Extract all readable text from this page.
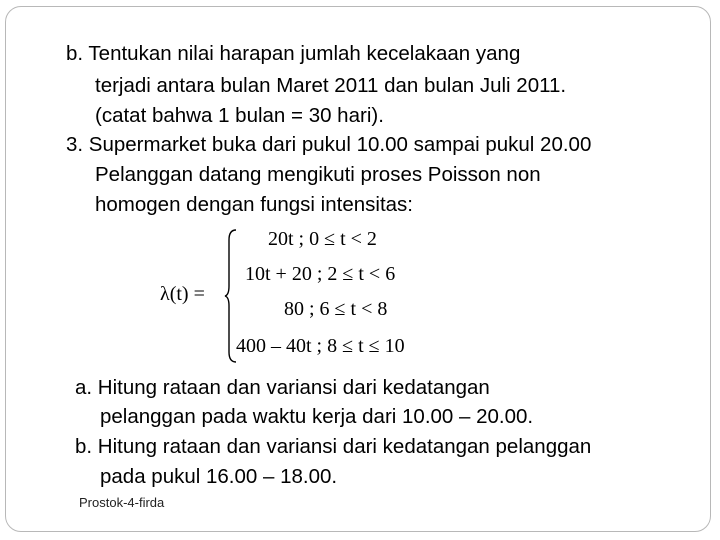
b. Tentukan nilai harapan jumlah kecelakaan yang
terjadi antara bulan Maret 2011 dan bulan Juli 2011.
(catat bahwa 1 bulan = 30 hari).
3. Supermarket buka dari pukul 10.00 sampai pukul 20.00
Pelanggan datang mengikuti proses Poisson non
homogen dengan fungsi intensitas:
λ(t) =
20t ; 0 ≤ t < 2
10t + 20 ; 2 ≤ t < 6
80 ; 6 ≤ t < 8
400 – 40t ; 8 ≤ t ≤ 10
a. Hitung rataan dan variansi dari kedatangan
pelanggan pada waktu kerja dari 10.00 – 20.00.
b. Hitung rataan dan variansi dari kedatangan pelanggan
pada pukul 16.00 – 18.00.
Prostok-4-firda
